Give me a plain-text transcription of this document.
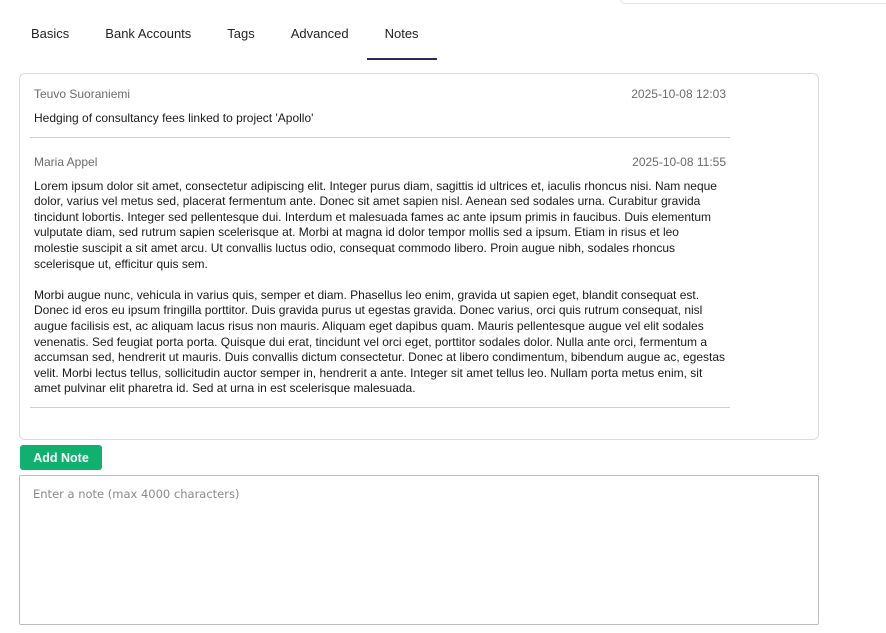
Basics	Bank Accounts	Tags	Advanced	Notes
Teuvo Suoraniemi	2025-10-08 12:03

Hedging of consultancy fees linked to project 'Apollo'

Maria Appel	2025-10-08 11:55

Lorem ipsum dolor sit amet, consectetur adipiscing elit. Integer purus diam, sagittis id ultrices et, iaculis rhoncus nisi. Nam neque dolor, varius vel metus sed, placerat fermentum ante. Donec sit amet sapien nisl. Aenean sed sodales urna. Curabitur gravida tincidunt lobortis. Integer sed pellentesque dui. Interdum et malesuada fames ac ante ipsum primis in faucibus. Duis elementum vulputate diam, sed rutrum sapien scelerisque at. Morbi at magna id dolor tempor mollis sed a ipsum. Etiam in risus et leo molestie suscipit a sit amet arcu. Ut convallis luctus odio, consequat commodo libero. Proin augue nibh, sodales rhoncus scelerisque ut, efficitur quis sem.

Morbi augue nunc, vehicula in varius quis, semper et diam. Phasellus leo enim, gravida ut sapien eget, blandit consequat est. Donec id eros eu ipsum fringilla porttitor. Duis gravida purus ut egestas gravida. Donec varius, orci quis rutrum consequat, nisl augue facilisis est, ac aliquam lacus risus non mauris. Aliquam eget dapibus quam. Mauris pellentesque augue vel elit sodales venenatis. Sed feugiat porta porta. Quisque dui erat, tincidunt vel orci eget, porttitor sodales dolor. Nulla ante orci, fermentum a accumsan sed, hendrerit ut mauris. Duis convallis dictum consectetur. Donec at libero condimentum, bibendum augue ac, egestas velit. Morbi lectus tellus, sollicitudin auctor semper in, hendrerit a ante. Integer sit amet tellus leo. Nullam porta metus enim, sit amet pulvinar elit pharetra id. Sed at urna in est scelerisque malesuada.

Add Note
Enter a note (max 4000 characters)
